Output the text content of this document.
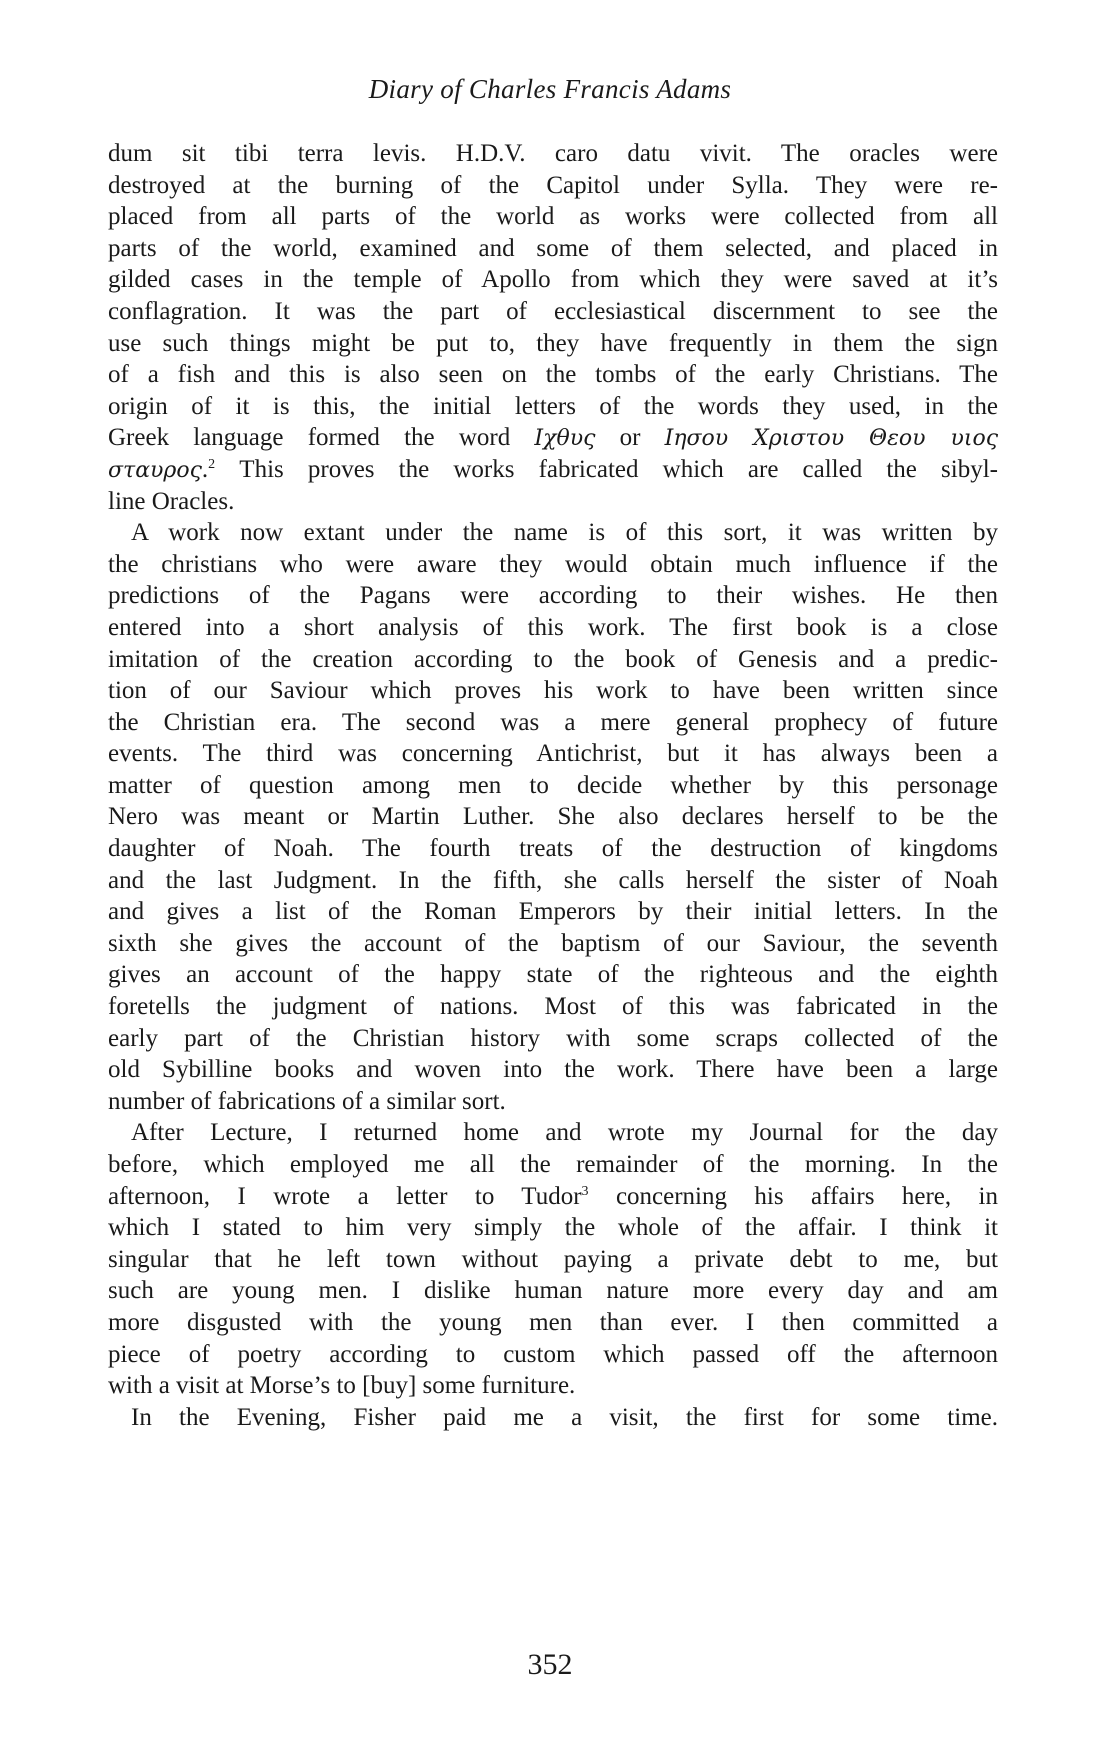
Diary of Charles Francis Adams
dum sit tibi terra levis. H.D.V. caro datu vivit. The oracles were
destroyed at the burning of the Capitol under Sylla. They were re-
placed from all parts of the world as works were collected from all
parts of the world, examined and some of them selected, and placed in
gilded cases in the temple of Apollo from which they were saved at it’s
conflagration. It was the part of ecclesiastical discernment to see the
use such things might be put to, they have frequently in them the sign
of a fish and this is also seen on the tombs of the early Christians. The
origin of it is this, the initial letters of the words they used, in the
Greek language formed the word Ιχθυς or Ιησου Χριστου Θεου υιος
σταυρος.$^2$ This proves the works fabricated which are called the sibyl-
line Oracles.
A work now extant under the name is of this sort, it was written by
the christians who were aware they would obtain much influence if the
predictions of the Pagans were according to their wishes. He then
entered into a short analysis of this work. The first book is a close
imitation of the creation according to the book of Genesis and a predic-
tion of our Saviour which proves his work to have been written since
the Christian era. The second was a mere general prophecy of future
events. The third was concerning Antichrist, but it has always been a
matter of question among men to decide whether by this personage
Nero was meant or Martin Luther. She also declares herself to be the
daughter of Noah. The fourth treats of the destruction of kingdoms
and the last Judgment. In the fifth, she calls herself the sister of Noah
and gives a list of the Roman Emperors by their initial letters. In the
sixth she gives the account of the baptism of our Saviour, the seventh
gives an account of the happy state of the righteous and the eighth
foretells the judgment of nations. Most of this was fabricated in the
early part of the Christian history with some scraps collected of the
old Sybilline books and woven into the work. There have been a large
number of fabrications of a similar sort.
After Lecture, I returned home and wrote my Journal for the day
before, which employed me all the remainder of the morning. In the
afternoon, I wrote a letter to Tudor$^3$ concerning his affairs here, in
which I stated to him very simply the whole of the affair. I think it
singular that he left town without paying a private debt to me, but
such are young men. I dislike human nature more every day and am
more disgusted with the young men than ever. I then committed a
piece of poetry according to custom which passed off the afternoon
with a visit at Morse’s to [buy] some furniture.
In the Evening, Fisher paid me a visit, the first for some time.
352
